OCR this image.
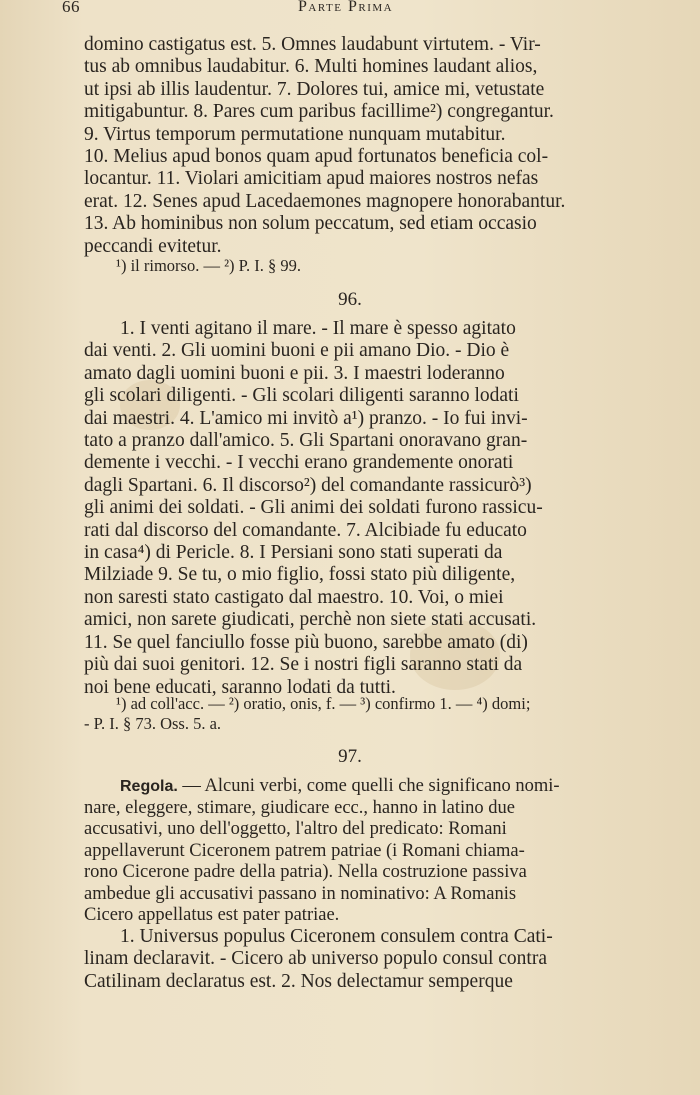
66	Parte Prima
domino castigatus est. 5. Omnes laudabunt virtutem. - Vir-
tus ab omnibus laudabitur. 6. Multi homines laudant alios,
ut ipsi ab illis laudentur. 7. Dolores tui, amice mi, vetustate
mitigabuntur. 8. Pares cum paribus facillime²) congregantur.
9. Virtus temporum permutatione nunquam mutabitur.
10. Melius apud bonos quam apud fortunatos beneficia col-
locantur. 11. Violari amicitiam apud maiores nostros nefas
erat. 12. Senes apud Lacedaemones magnopere honorabantur.
13. Ab hominibus non solum peccatum, sed etiam occasio
peccandi evitetur.
¹) il rimorso. — ²) P. I. § 99.
96.
1. I venti agitano il mare. - Il mare è spesso agitato
dai venti. 2. Gli uomini buoni e pii amano Dio. - Dio è
amato dagli uomini buoni e pii. 3. I maestri loderanno
gli scolari diligenti. - Gli scolari diligenti saranno lodati
dai maestri. 4. L'amico mi invitò a¹) pranzo. - Io fui invi-
tato a pranzo dall'amico. 5. Gli Spartani onoravano gran-
demente i vecchi. - I vecchi erano grandemente onorati
dagli Spartani. 6. Il discorso²) del comandante rassicurò³)
gli animi dei soldati. - Gli animi dei soldati furono rassicu-
rati dal discorso del comandante. 7. Alcibiade fu educato
in casa⁴) di Pericle. 8. I Persiani sono stati superati da
Milziade 9. Se tu, o mio figlio, fossi stato più diligente,
non saresti stato castigato dal maestro. 10. Voi, o miei
amici, non sarete giudicati, perchè non siete stati accusati.
11. Se quel fanciullo fosse più buono, sarebbe amato (di)
più dai suoi genitori. 12. Se i nostri figli saranno stati da
noi bene educati, saranno lodati da tutti.
¹) ad coll'acc. — ²) oratio, onis, f. — ³) confirmo 1. — ⁴) domi;
- P. I. § 73. Oss. 5. a.
97.
Regola. — Alcuni verbi, come quelli che significano nomi-
nare, eleggere, stimare, giudicare ecc., hanno in latino due
accusativi, uno dell'oggetto, l'altro del predicato: Romani
appellaverunt Ciceronem patrem patriae (i Romani chiama-
rono Cicerone padre della patria). Nella costruzione passiva
ambedue gli accusativi passano in nominativo: A Romanis
Cicero appellatus est pater patriae.
1. Universus populus Ciceronem consulem contra Cati-
linam declaravit. - Cicero ab universo populo consul contra
Catilinam declaratus est. 2. Nos delectamur semperque
